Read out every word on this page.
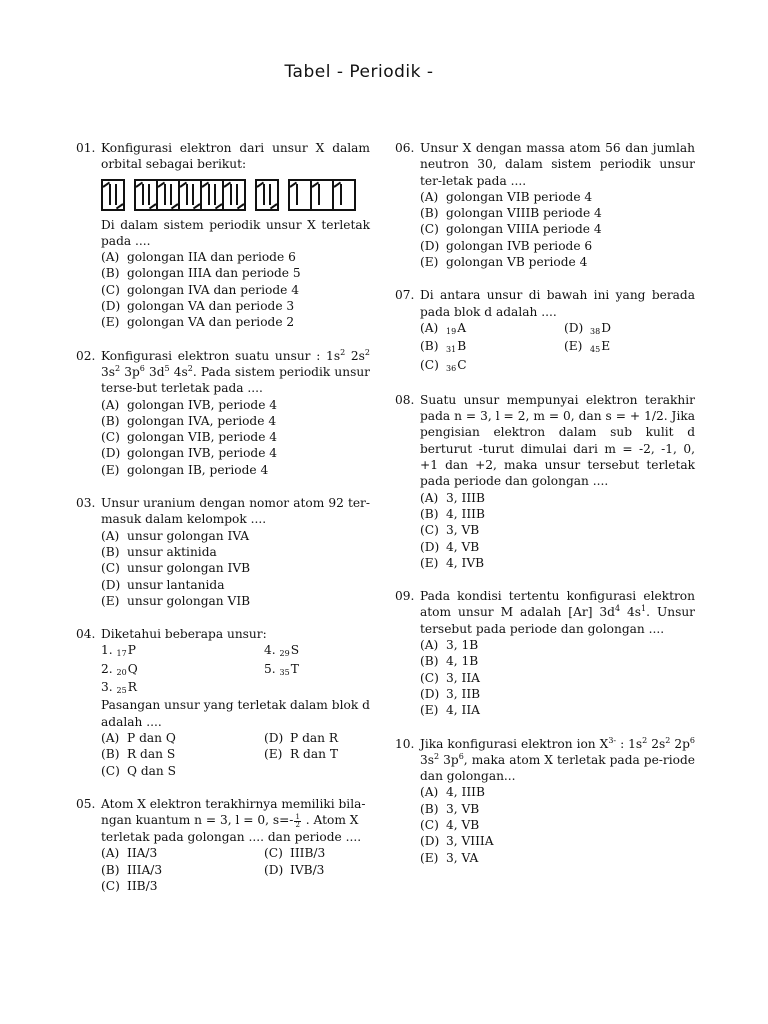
Tabel - Periodik -
01. Konfigurasi elektron dari unsur X dalam orbital sebagai berikut:
Di dalam sistem periodik unsur X terletak pada ....
(A) golongan IIA dan periode 6
(B) golongan IIIA dan periode 5
(C) golongan IVA dan periode 4
(D) golongan VA dan periode 3
(E) golongan VA dan periode 2
02. Konfigurasi elektron suatu unsur : $1s^2$ $2s^2$ $3s^2$ $3p^6$ $3d^5$ $4s^2$. Pada sistem periodik unsur terse-but terletak pada ....
(A) golongan IVB, periode 4
(B) golongan IVA, periode 4
(C) golongan VIB, periode 4
(D) golongan IVB, periode 4
(E) golongan IB, periode 4
03. Unsur uranium dengan nomor atom 92 ter-masuk dalam kelompok ....
(A) unsur golongan IVA
(B) unsur aktinida
(C) unsur golongan IVB
(D) unsur lantanida
(E) unsur golongan VIB
04. Diketahui beberapa unsur:
1. 17P	4. 29S
2. 20Q	5. 35T
3. 25R
Pasangan unsur yang terletak dalam blok d adalah ....
(A) P dan Q	(D) P dan R
(B) R dan S	(E) R dan T
(C) Q dan S
05. Atom X elektron terakhirnya memiliki bila-
ngan kuantum n = 3, l = 0, $s=- \frac{1}{2}$ . Atom X
terletak pada golongan .... dan periode ....
(A) IIA/3	(C) IIIB/3
(B) IIIA/3	(D) IVB/3
(C) IIB/3
06. Unsur X dengan massa atom 56 dan jumlah neutron 30, dalam sistem periodik unsur ter-letak pada ....
(A) golongan VIB periode 4
(B) golongan VIIIB periode 4
(C) golongan VIIIA periode 4
(D) golongan IVB periode 6
(E) golongan VB periode 4
07. Di antara unsur di bawah ini yang berada pada blok d adalah ....
(A) 19A	(D) 38D
(B) 31B	(E) 45E
(C) 36C
08. Suatu unsur mempunyai elektron terakhir pada n = 3, l = 2, m = 0, dan s = + 1/2. Jika pengisian elektron dalam sub kulit d berturut -turut dimulai dari m = -2, -1, 0, +1 dan +2, maka unsur tersebut terletak pada periode dan golongan ....
(A) 3, IIIB
(B) 4, IIIB
(C) 3, VB
(D) 4, VB
(E) 4, IVB
09. Pada kondisi tertentu konfigurasi elektron atom unsur M adalah [Ar] $3d^4$ $4s^1$. Unsur tersebut pada periode dan golongan ....
(A) 3, 1B
(B) 4, 1B
(C) 3, IIA
(D) 3, IIB
(E) 4, IIA
10. Jika konfigurasi elektron ion $X^{3-}$ : $1s^2$ $2s^2$ $2p^6$ $3s^2$ $3p^6$, maka atom X terletak pada pe-riode dan golongan...
(A) 4, IIIB
(B) 3, VB
(C) 4, VB
(D) 3, VIIIA
(E) 3, VA
